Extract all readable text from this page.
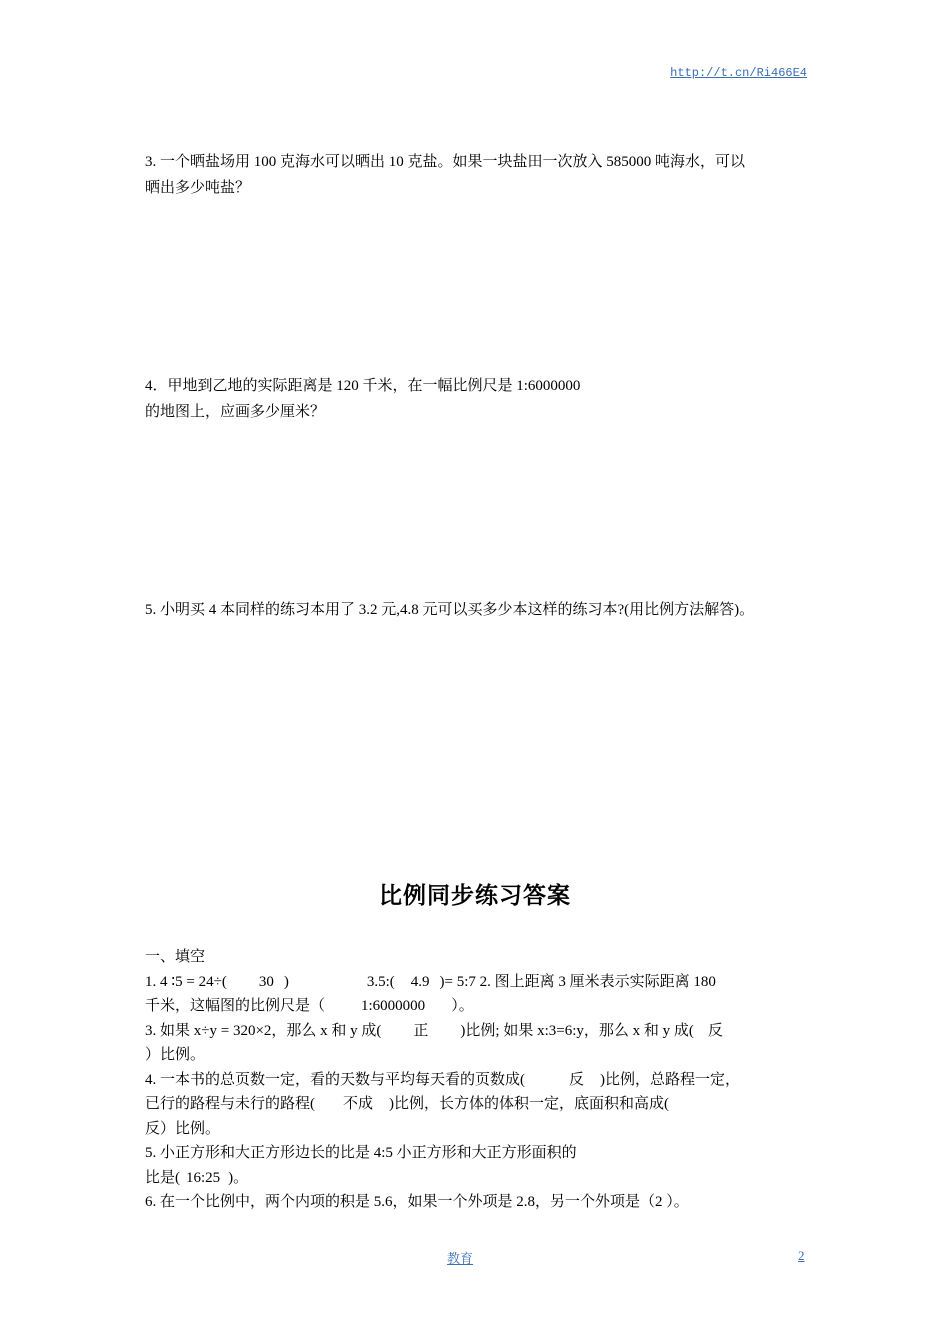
http://t.cn/Ri466E4
3. 一个晒盐场用 100 克海水可以晒出 10 克盐。如果一块盐田一次放入 585000 吨海水，可以
晒出多少吨盐？
4．甲地到乙地的实际距离是 120 千米，在一幅比例尺是 1:6000000
的地图上，应画多少厘米？
5. 小明买 4 本同样的练习本用了 3.2 元,4.8 元可以买多少本这样的练习本?(用比例方法解答)。
比例同步练习答案
一、填空
1. 4 ∶5 = 24÷( 30 )	3.5:( 4.9 )= 5:7 2. 图上距离 3 厘米表示实际距离 180
千米，这幅图的比例尺是（ 1:6000000 ）。
3. 如果 x÷y = 320×2，那么 x 和 y 成( 正 )比例; 如果 x:3=6:y，那么 x 和 y 成( 反
）比例。
4. 一本书的总页数一定，看的天数与平均每天看的页数成(	反 )比例，总路程一定，
已行的路程与未行的路程( 不成 )比例，长方体的体积一定，底面积和高成(
反）比例。
5. 小正方形和大正方形边长的比是 4:5 小正方形和大正方形面积的
比是( 16:25 )。
6. 在一个比例中，两个内项的积是 5.6，如果一个外项是 2.8，另一个外项是（2 ）。
教育	2
